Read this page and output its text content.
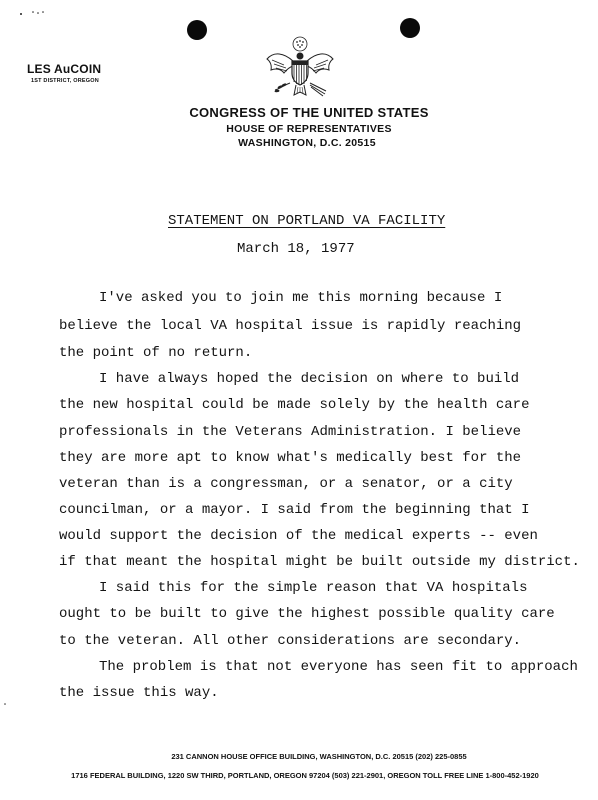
LES AuCOIN
1ST DISTRICT, OREGON
CONGRESS OF THE UNITED STATES
HOUSE OF REPRESENTATIVES
WASHINGTON, D.C. 20515
STATEMENT ON PORTLAND VA FACILITY
March 18, 1977
I've asked you to join me this morning because I
believe the local VA hospital issue is rapidly reaching
the point of no return.
I have always hoped the decision on where to build
the new hospital could be made solely by the health care
professionals in the Veterans Administration. I believe
they are more apt to know what's medically best for the
veteran than is a congressman, or a senator, or a city
councilman, or a mayor. I said from the beginning that I
would support the decision of the medical experts -- even
if that meant the hospital might be built outside my district.
I said this for the simple reason that VA hospitals
ought to be built to give the highest possible quality care
to the veteran. All other considerations are secondary.
The problem is that not everyone has seen fit to approach
the issue this way.
231 CANNON HOUSE OFFICE BUILDING, WASHINGTON, D.C. 20515 (202) 225-0855
1716 FEDERAL BUILDING, 1220 SW THIRD, PORTLAND, OREGON 97204 (503) 221-2901, OREGON TOLL FREE LINE 1-800-452-1920
